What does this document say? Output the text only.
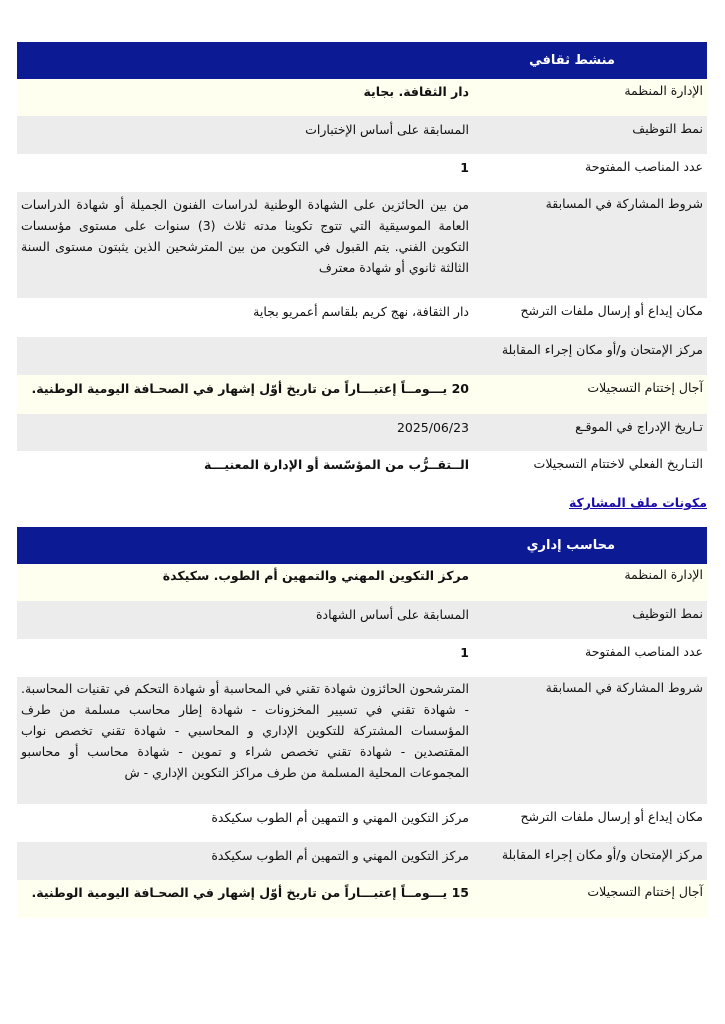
منشط ثقافي
الإدارة المنظمة
دار الثقافة. بجاية
نمط التوظيف
المسابقة على أساس الإختبارات
عدد المناصب المفتوحة
1
شروط المشاركة في المسابقة
من بين الحائزين على الشهادة الوطنية لدراسات الفنون الجميلة أو شهادة الدراسات العامة الموسيقية التي تتوج تكوينا مدته ثلاث (3) سنوات على مستوى مؤسسات التكوين الفني. يتم القبول في التكوين من بين المترشحين الذين يثبتون مستوى السنة الثالثة ثانوي أو شهادة معترف
مكان إيداع أو إرسال ملفات الترشح
دار الثقافة، نهج كريم بلقاسم أعمريو بجاية
مركز الإمتحان و/أو مكان إجراء المقابلة
آجال إختتام التسجيلات
20 يـــومــاً إعتبـــاراً من تاريخ أوّل إشهار في الصحـافة اليومية الوطنية.
تـاريخ الإدراج في الموقـع
2025/06/23
التـاريخ الفعلي لاختتام التسجيلات
الــتقــرُّب من المؤسّسة أو الإدارة المعنيـــة
مكونات ملف المشاركة
محاسب إداري
الإدارة المنظمة
مركز التكوين المهني والتمهين أم الطوب. سكيكدة
نمط التوظيف
المسابقة على أساس الشهادة
عدد المناصب المفتوحة
1
شروط المشاركة في المسابقة
المترشحون الحائزون شهادة تقني في المحاسبة أو شهادة التحكم في تقنيات المحاسبة. - شهادة تقني في تسيير المخزونات - شهادة إطار محاسب مسلمة من طرف المؤسسات المشتركة للتكوين الإداري و المحاسبي - شهادة تقني تخصص نواب المقتصدين - شهادة تقني تخصص شراء و تموين - شهادة محاسب أو محاسبو المجموعات المحلية المسلمة من طرف مراكز التكوين الإداري - ش
مكان إيداع أو إرسال ملفات الترشح
مركز التكوين المهني و التمهين أم الطوب سكيكدة
مركز الإمتحان و/أو مكان إجراء المقابلة
مركز التكوين المهني و التمهين أم الطوب سكيكدة
آجال إختتام التسجيلات
15 يـــومــاً إعتبـــاراً من تاريخ أوّل إشهار في الصحـافة اليومية الوطنية.
